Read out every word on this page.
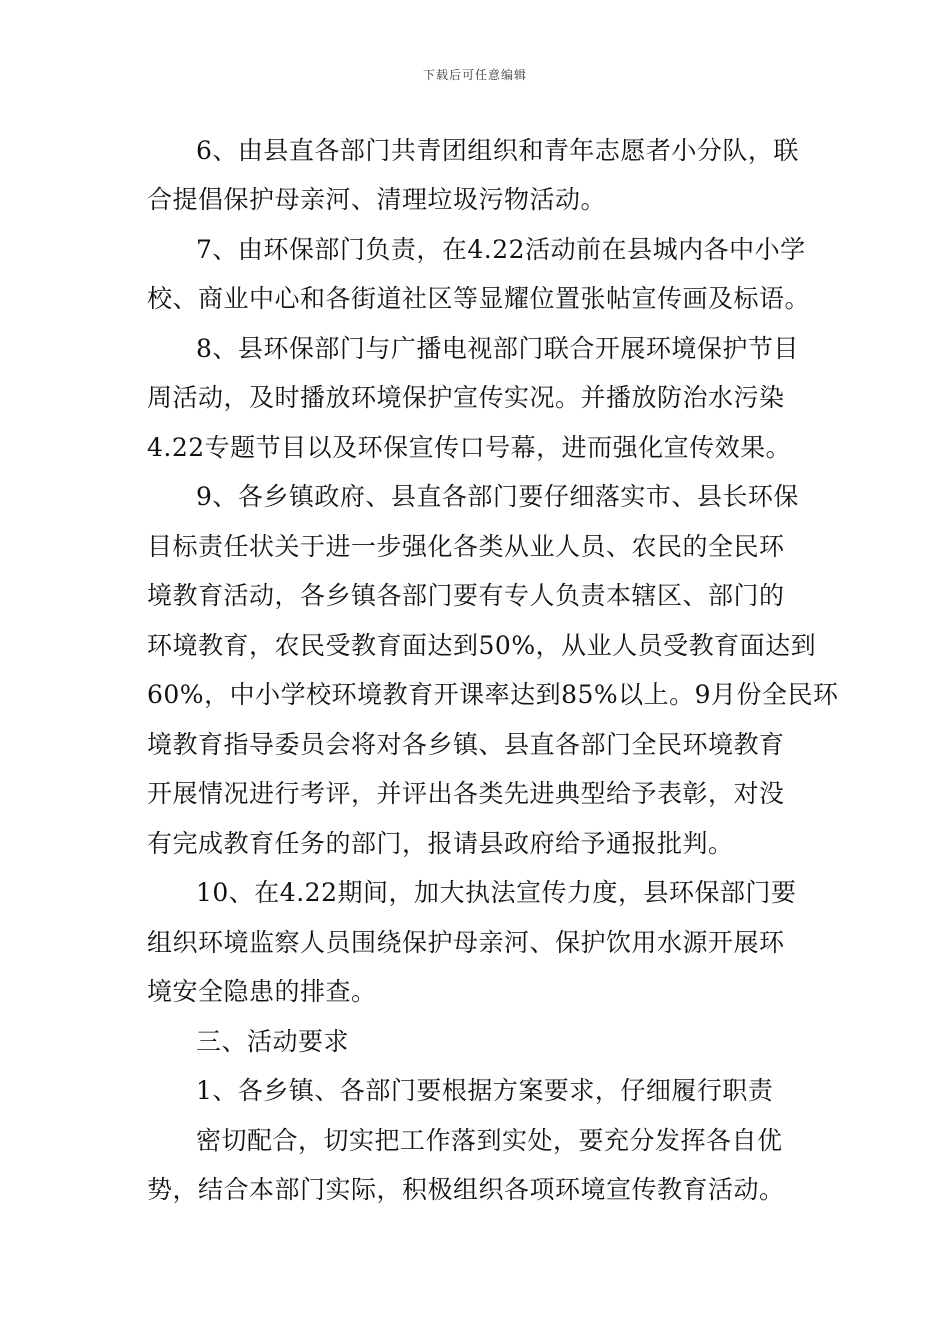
下载后可任意编辑
6、由县直各部门共青团组织和青年志愿者小分队，联
合提倡保护母亲河、清理垃圾污物活动。
7、由环保部门负责，在4.22活动前在县城内各中小学
校、商业中心和各街道社区等显耀位置张帖宣传画及标语。
8、县环保部门与广播电视部门联合开展环境保护节目
周活动，及时播放环境保护宣传实况。并播放防治水污染
4.22专题节目以及环保宣传口号幕，进而强化宣传效果。
9、各乡镇政府、县直各部门要仔细落实市、县长环保
目标责任状关于进一步强化各类从业人员、农民的全民环
境教育活动，各乡镇各部门要有专人负责本辖区、部门的
环境教育，农民受教育面达到50%，从业人员受教育面达到
60%，中小学校环境教育开课率达到85%以上。9月份全民环
境教育指导委员会将对各乡镇、县直各部门全民环境教育
开展情况进行考评，并评出各类先进典型给予表彰，对没
有完成教育任务的部门，报请县政府给予通报批判。
10、在4.22期间，加大执法宣传力度，县环保部门要
组织环境监察人员围绕保护母亲河、保护饮用水源开展环
境安全隐患的排查。
三、活动要求
1、各乡镇、各部门要根据方案要求，仔细履行职责
密切配合，切实把工作落到实处，要充分发挥各自优
势，结合本部门实际，积极组织各项环境宣传教育活动。
